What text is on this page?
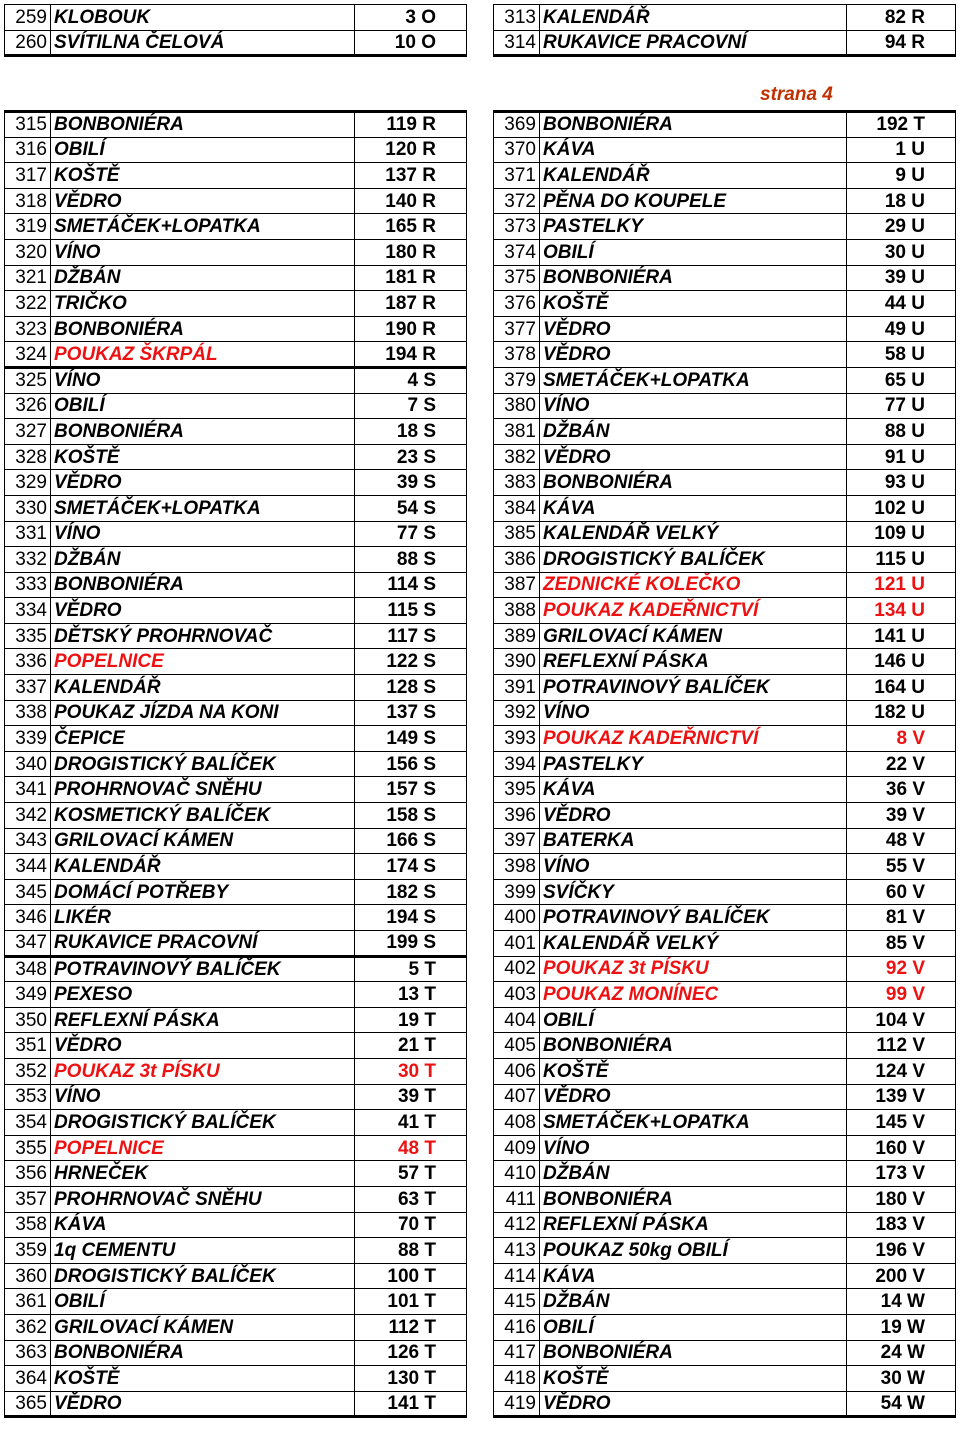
259	KLOBOUK	3 O
260	SVÍTILNA ČELOVÁ	10 O
313	KALENDÁŘ	82 R
314	RUKAVICE PRACOVNÍ	94 R
strana 4
315	BONBONIÉRA	119 R
316	OBILÍ	120 R
317	KOŠTĚ	137 R
318	VĚDRO	140 R
319	SMETÁČEK+LOPATKA	165 R
320	VÍNO	180 R
321	DŽBÁN	181 R
322	TRIČKO	187 R
323	BONBONIÉRA	190 R
324	POUKAZ ŠKRPÁL	194 R
325	VÍNO	4 S
326	OBILÍ	7 S
327	BONBONIÉRA	18 S
328	KOŠTĚ	23 S
329	VĚDRO	39 S
330	SMETÁČEK+LOPATKA	54 S
331	VÍNO	77 S
332	DŽBÁN	88 S
333	BONBONIÉRA	114 S
334	VĚDRO	115 S
335	DĚTSKÝ PROHRNOVAČ	117 S
336	POPELNICE	122 S
337	KALENDÁŘ	128 S
338	POUKAZ JÍZDA NA KONI	137 S
339	ČEPICE	149 S
340	DROGISTICKÝ BALÍČEK	156 S
341	PROHRNOVAČ SNĚHU	157 S
342	KOSMETICKÝ BALÍČEK	158 S
343	GRILOVACÍ KÁMEN	166 S
344	KALENDÁŘ	174 S
345	DOMÁCÍ POTŘEBY	182 S
346	LIKÉR	194 S
347	RUKAVICE PRACOVNÍ	199 S
348	POTRAVINOVÝ BALÍČEK	5 T
349	PEXESO	13 T
350	REFLEXNÍ PÁSKA	19 T
351	VĚDRO	21 T
352	POUKAZ 3t PÍSKU	30 T
353	VÍNO	39 T
354	DROGISTICKÝ BALÍČEK	41 T
355	POPELNICE	48 T
356	HRNEČEK	57 T
357	PROHRNOVAČ SNĚHU	63 T
358	KÁVA	70 T
359	1q CEMENTU	88 T
360	DROGISTICKÝ BALÍČEK	100 T
361	OBILÍ	101 T
362	GRILOVACÍ KÁMEN	112 T
363	BONBONIÉRA	126 T
364	KOŠTĚ	130 T
365	VĚDRO	141 T
369	BONBONIÉRA	192 T
370	KÁVA	1 U
371	KALENDÁŘ	9 U
372	PĚNA DO KOUPELE	18 U
373	PASTELKY	29 U
374	OBILÍ	30 U
375	BONBONIÉRA	39 U
376	KOŠTĚ	44 U
377	VĚDRO	49 U
378	VĚDRO	58 U
379	SMETÁČEK+LOPATKA	65 U
380	VÍNO	77 U
381	DŽBÁN	88 U
382	VĚDRO	91 U
383	BONBONIÉRA	93 U
384	KÁVA	102 U
385	KALENDÁŘ VELKÝ	109 U
386	DROGISTICKÝ BALÍČEK	115 U
387	ZEDNICKÉ KOLEČKO	121 U
388	POUKAZ KADEŘNICTVÍ	134 U
389	GRILOVACÍ KÁMEN	141 U
390	REFLEXNÍ PÁSKA	146 U
391	POTRAVINOVÝ BALÍČEK	164 U
392	VÍNO	182 U
393	POUKAZ KADEŘNICTVÍ	8 V
394	PASTELKY	22 V
395	KÁVA	36 V
396	VĚDRO	39 V
397	BATERKA	48 V
398	VÍNO	55 V
399	SVÍČKY	60 V
400	POTRAVINOVÝ BALÍČEK	81 V
401	KALENDÁŘ VELKÝ	85 V
402	POUKAZ 3t PÍSKU	92 V
403	POUKAZ MONÍNEC	99 V
404	OBILÍ	104 V
405	BONBONIÉRA	112 V
406	KOŠTĚ	124 V
407	VĚDRO	139 V
408	SMETÁČEK+LOPATKA	145 V
409	VÍNO	160 V
410	DŽBÁN	173 V
411	BONBONIÉRA	180 V
412	REFLEXNÍ PÁSKA	183 V
413	POUKAZ 50kg OBILÍ	196 V
414	KÁVA	200 V
415	DŽBÁN	14 W
416	OBILÍ	19 W
417	BONBONIÉRA	24 W
418	KOŠTĚ	30 W
419	VĚDRO	54 W
